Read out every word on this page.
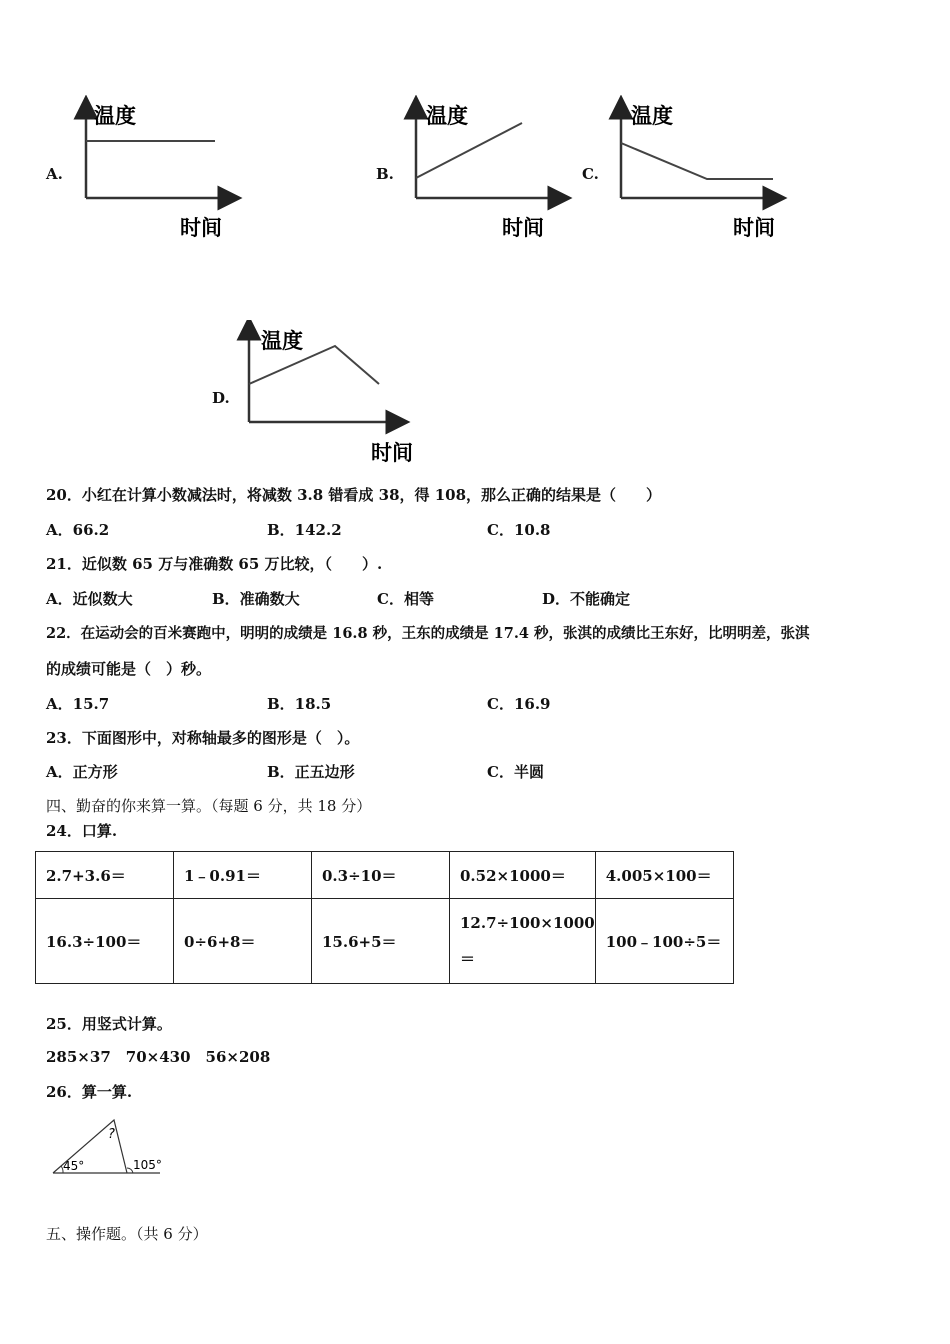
A.
温度
时间
B.
温度
时间
C.
温度
时间
D.
温度
时间
20．小红在计算小数减法时，将减数 3.8 错看成 38，得 108，那么正确的结果是（　　）
A．66.2	B．142.2	C．10.8
21．近似数 65 万与准确数 65 万比较，（　　）.
A．近似数大	B．准确数大	C．相等	D．不能确定
22．在运动会的百米赛跑中，明明的成绩是 16.8 秒，王东的成绩是 17.4 秒，张淇的成绩比王东好，比明明差，张淇
的成绩可能是（　）秒。
A．15.7	B．18.5	C．16.9
23．下面图形中，对称轴最多的图形是（　）。
A．正方形	B．正五边形	C．半圆
四、勤奋的你来算一算。（每题 6 分，共 18 分）
24．口算.
2.7+3.6＝	1﹣0.91＝	0.3÷10＝	0.52×1000＝	4.005×100＝
16.3÷100＝	0÷6+8＝	15.6+5＝	12.7÷100×1000＝	100﹣100÷5＝
25．用竖式计算。
285×37　70×430　56×208
26．算一算.
45°	105°
?
五、操作题。（共 6 分）
